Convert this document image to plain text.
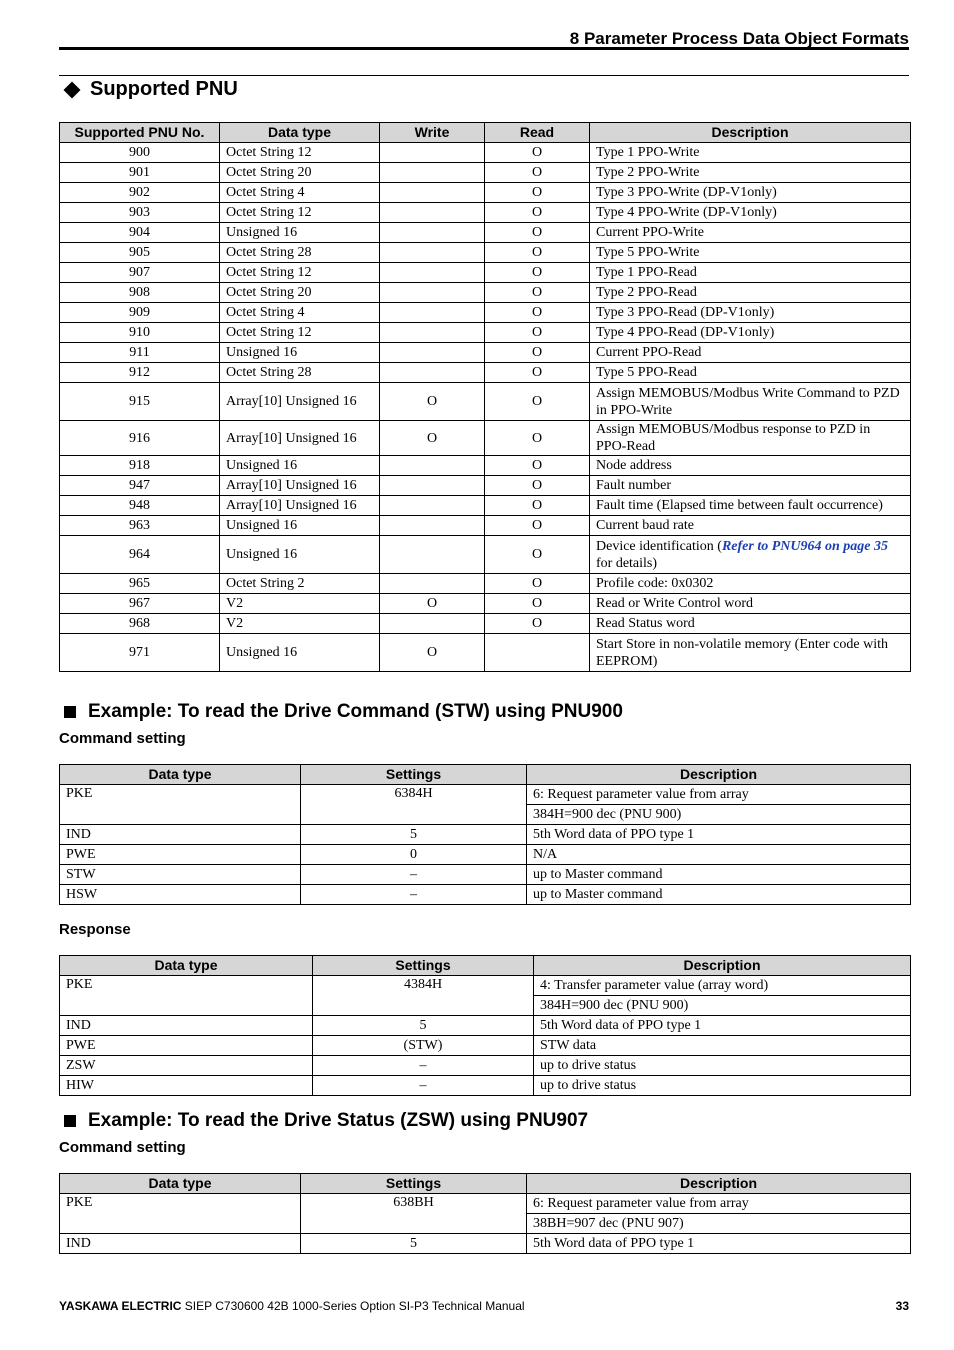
8 Parameter Process Data Object Formats
Supported PNU
Supported PNU No.	Data type	Write	Read	Description
900	Octet String 12		O	Type 1 PPO-Write
901	Octet String 20		O	Type 2 PPO-Write
902	Octet String 4		O	Type 3 PPO-Write (DP-V1only)
903	Octet String 12		O	Type 4 PPO-Write (DP-V1only)
904	Unsigned 16		O	Current PPO-Write
905	Octet String 28		O	Type 5 PPO-Write
907	Octet String 12		O	Type 1 PPO-Read
908	Octet String 20		O	Type 2 PPO-Read
909	Octet String 4		O	Type 3 PPO-Read (DP-V1only)
910	Octet String 12		O	Type 4 PPO-Read (DP-V1only)
911	Unsigned 16		O	Current PPO-Read
912	Octet String 28		O	Type 5 PPO-Read
915	Array[10] Unsigned 16	O	O	Assign MEMOBUS/Modbus Write Command to PZD in PPO-Write
916	Array[10] Unsigned 16	O	O	Assign MEMOBUS/Modbus response to PZD in PPO-Read
918	Unsigned 16		O	Node address
947	Array[10] Unsigned 16		O	Fault number
948	Array[10] Unsigned 16		O	Fault time (Elapsed time between fault occurrence)
963	Unsigned 16		O	Current baud rate
964	Unsigned 16		O	Device identification (Refer to PNU964 on page 35 for details)
965	Octet String 2		O	Profile code: 0x0302
967	V2	O	O	Read or Write Control word
968	V2		O	Read Status word
971	Unsigned 16	O		Start Store in non-volatile memory (Enter code with EEPROM)
Example: To read the Drive Command (STW) using PNU900
Command setting
Data type	Settings	Description
PKE	6384H	6: Request parameter value from array
		384H=900 dec (PNU 900)
IND	5	5th Word data of PPO type 1
PWE	0	N/A
STW	–	up to Master command
HSW	–	up to Master command
Response
Data type	Settings	Description
PKE	4384H	4: Transfer parameter value (array word)
		384H=900 dec (PNU 900)
IND	5	5th Word data of PPO type 1
PWE	(STW)	STW data
ZSW	–	up to drive status
HIW	–	up to drive status
Example: To read the Drive Status (ZSW) using PNU907
Command setting
Data type	Settings	Description
PKE	638BH	6: Request parameter value from array
		38BH=907 dec (PNU 907)
IND	5	5th Word data of PPO type 1
YASKAWA ELECTRIC SIEP C730600 42B 1000-Series Option SI-P3 Technical Manual	33
